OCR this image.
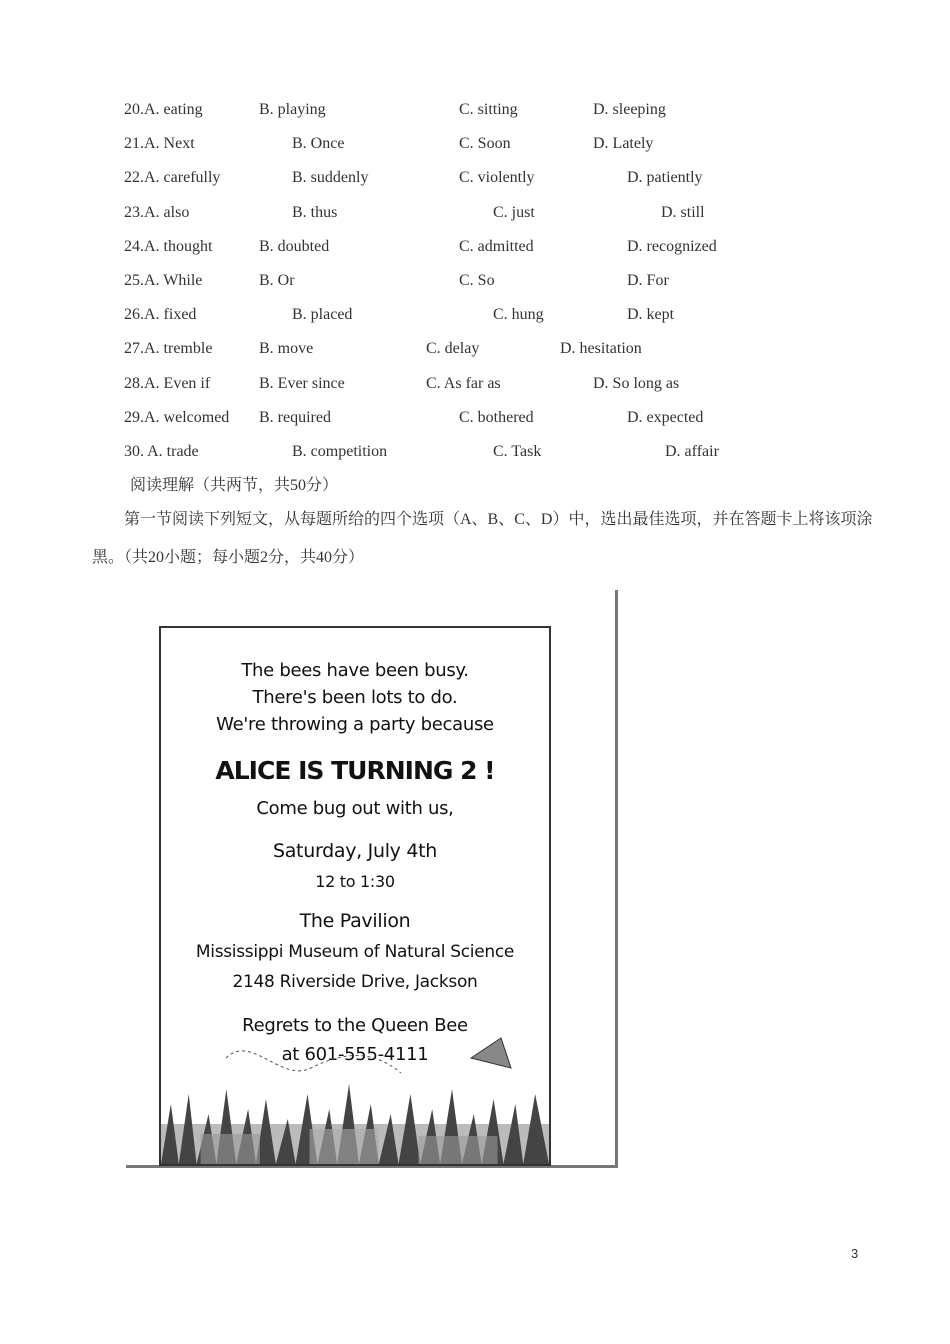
20.A. eating	B. playing	C. sitting	D. sleeping
21.A. Next	B. Once	C. Soon	D. Lately
22.A. carefully	B. suddenly	C. violently	D. patiently
23.A. also	B. thus	C. just	D. still
24.A. thought	B. doubted	C. admitted	D. recognized
25.A. While	B. Or	C. So	D. For
26.A. fixed	B. placed	C. hung	D. kept
27.A. tremble	B. move	C. delay	D. hesitation
28.A. Even if	B. Ever since	C. As far as	D. So long as
29.A. welcomed B. required	C. bothered	D. expected
30. A. trade	B. competition	C. Task	D. affair
阅读理解（共两节，共50分）
第一节阅读下列短文，从每题所给的四个选项（A、B、C、D）中，选出最佳选项，并在答题卡上将该项涂
黑。（共20小题；每小题2分，共40分）
The bees have been busy.
There's been lots to do.
We're throwing a party because
ALICE IS TURNING 2 !
Come bug out with us,
Saturday, July 4th
12 to 1:30
The Pavilion
Mississippi Museum of Natural Science
2148 Riverside Drive, Jackson
Regrets to the Queen Bee
at 601-555-4111
3
